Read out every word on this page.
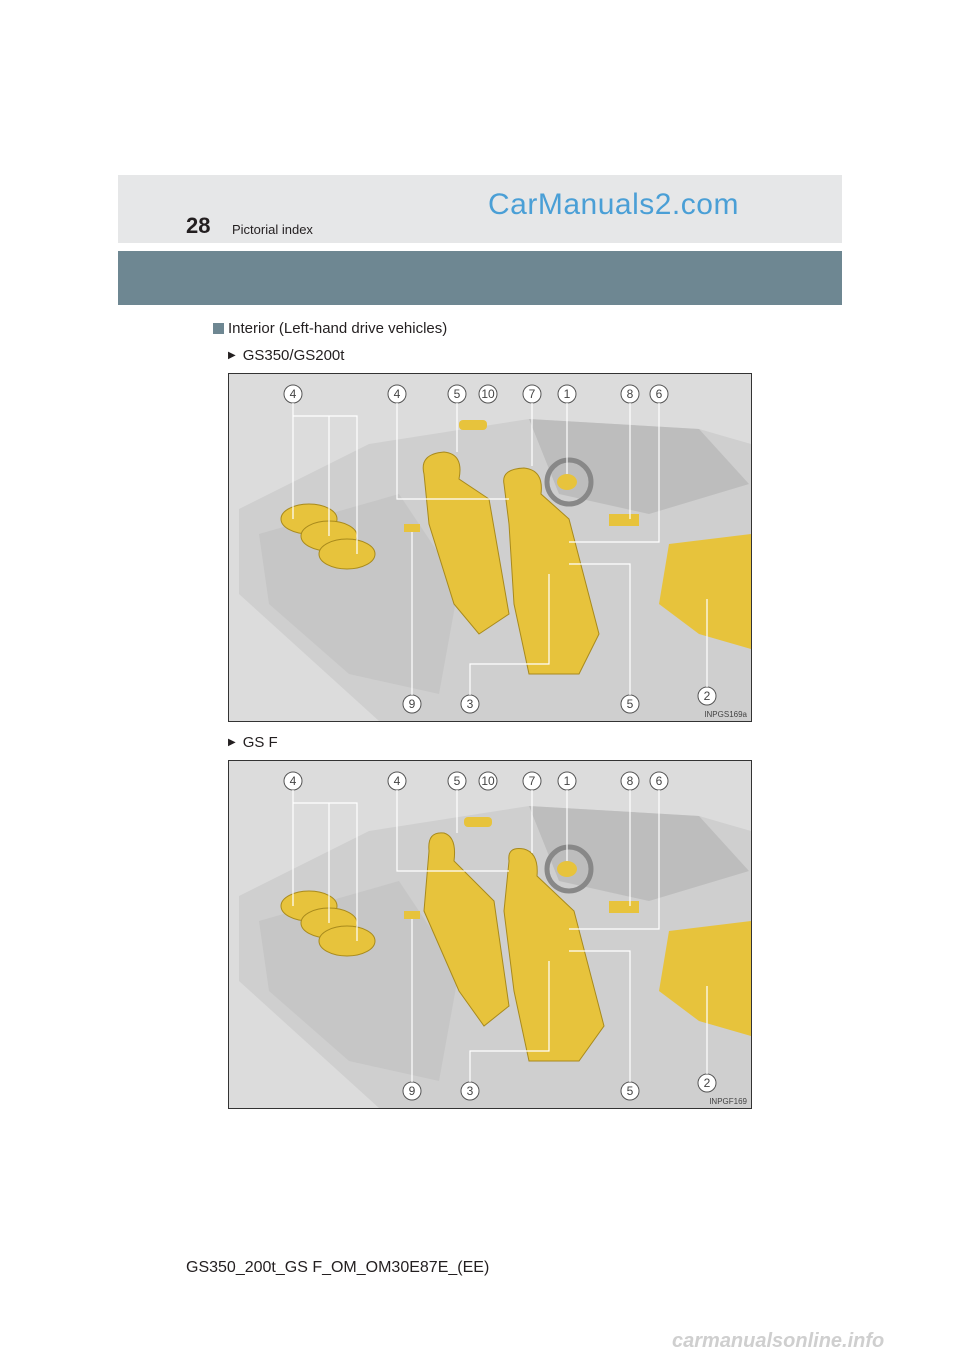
28 Pictorial index
CarManuals2.com
Interior (Left-hand drive vehicles)
▶ GS350/GS200t
4	4	5 10	7 1	8 6
9	3	5
2
INPGS169a
▶ GS F
4	4	5 10	7 1	8 6
9	3	5
2
INPGF169
GS350_200t_GS F_OM_OM30E87E_(EE)
carmanualsonline.info
